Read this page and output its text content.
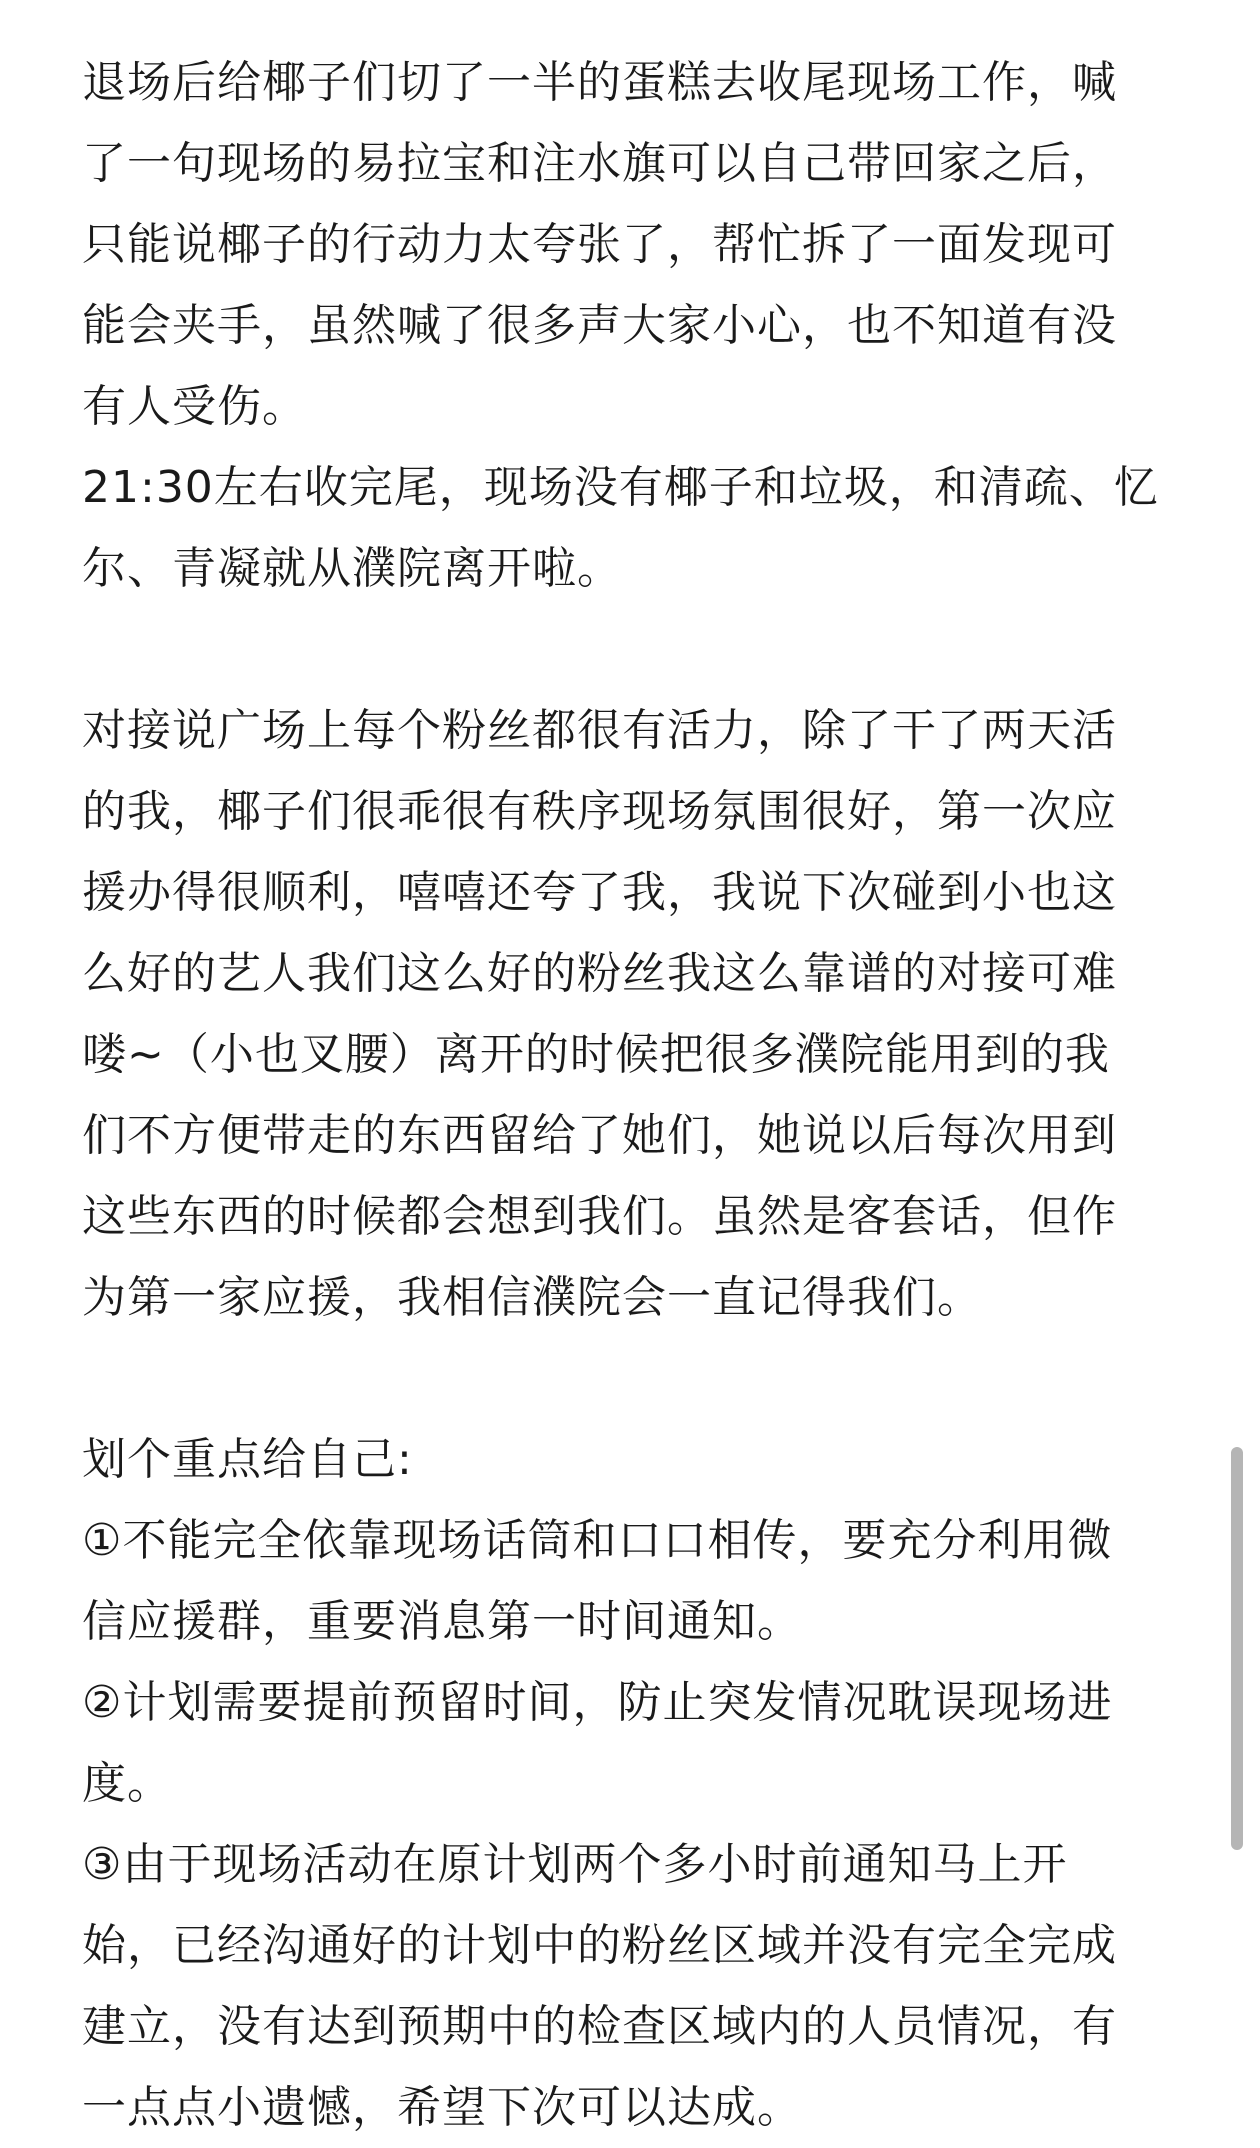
退场后给椰子们切了一半的蛋糕去收尾现场工作，喊
了一句现场的易拉宝和注水旗可以自己带回家之后，
只能说椰子的行动力太夸张了，帮忙拆了一面发现可
能会夹手，虽然喊了很多声大家小心，也不知道有没
有人受伤。
21:30左右收完尾，现场没有椰子和垃圾，和清疏、忆
尔、青凝就从濮院离开啦。
对接说广场上每个粉丝都很有活力，除了干了两天活
的我，椰子们很乖很有秩序现场氛围很好，第一次应
援办得很顺利，嘻嘻还夸了我，我说下次碰到小也这
么好的艺人我们这么好的粉丝我这么靠谱的对接可难
喽~（小也叉腰）离开的时候把很多濮院能用到的我
们不方便带走的东西留给了她们，她说以后每次用到
这些东西的时候都会想到我们。虽然是客套话，但作
为第一家应援，我相信濮院会一直记得我们。
划个重点给自己:
①不能完全依靠现场话筒和口口相传，要充分利用微
信应援群，重要消息第一时间通知。
②计划需要提前预留时间，防止突发情况耽误现场进
度。
③由于现场活动在原计划两个多小时前通知马上开
始，已经沟通好的计划中的粉丝区域并没有完全完成
建立，没有达到预期中的检查区域内的人员情况，有
一点点小遗憾，希望下次可以达成。
